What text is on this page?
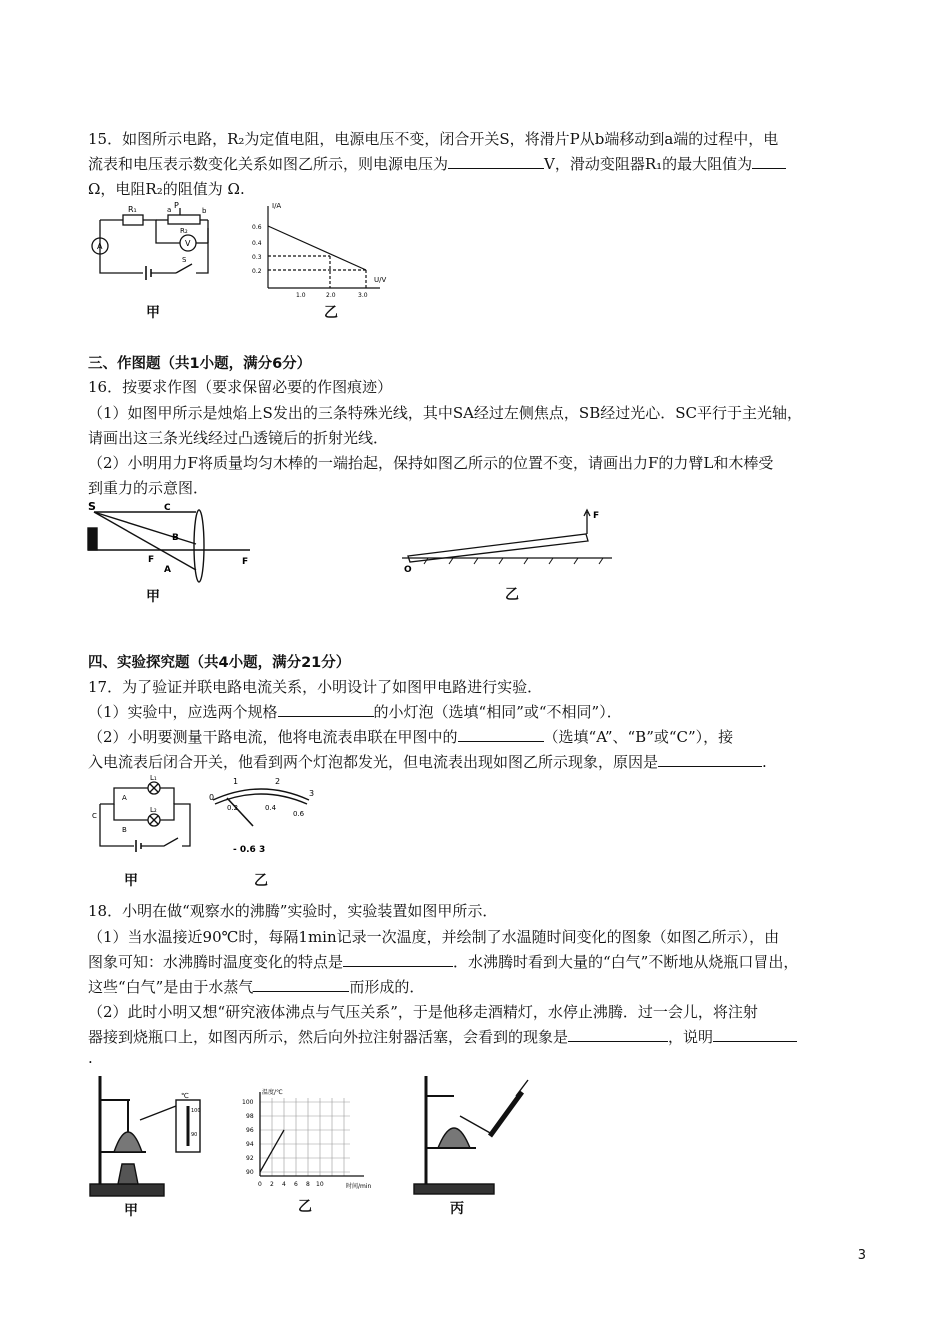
15．如图所示电路，R₂为定值电阻，电源电压不变，闭合开关S，将滑片P从b端移动到a端的过程中，电
流表和电压表示数变化关系如图乙所示，则电源电压为	V，滑动变阻器R₁的最大阻值为
Ω，电阻R₂的阻值为 Ω.
R₁	P
a	b
R₂
S
A	V
甲
I/A
U/V
0.6
0.4
0.3
0.2
1.0	2.0	3.0
乙
三、作图题（共1小题，满分6分）
16．按要求作图（要求保留必要的作图痕迹）
（1）如图甲所示是烛焰上S发出的三条特殊光线，其中SA经过左侧焦点，SB经过光心．SC平行于主光轴，
请画出这三条光线经过凸透镜后的折射光线．
（2）小明用力F将质量均匀木棒的一端抬起，保持如图乙所示的位置不变，请画出力F的力臂L和木棒受
到重力的示意图．
S	C
B
F
A
F
甲
O
F
乙
四、实验探究题（共4小题，满分21分）
17．为了验证并联电路电流关系，小明设计了如图甲电路进行实验．
（1）实验中，应选两个规格	的小灯泡（选填“相同”或“不相同”）．
（2）小明要测量干路电流，他将电流表串联在甲图中的	（选填“A”、“B”或“C”），接
入电流表后闭合开关，他看到两个灯泡都发光，但电流表出现如图乙所示现象，原因是	.
L₁
L₂
A
B
C
甲
1	2
0.2	0.4
0	3
0.6
- 0.6 3
乙
18．小明在做“观察水的沸腾”实验时，实验装置如图甲所示．
（1）当水温接近90℃时，每隔1min记录一次温度，并绘制了水温随时间变化的图象（如图乙所示），由
图象可知：水沸腾时温度变化的特点是	．水沸腾时看到大量的“白气”不断地从烧瓶口冒出，
这些“白气”是由于水蒸气	而形成的．
（2）此时小明又想“研究液体沸点与气压关系”，于是他移走酒精灯，水停止沸腾．过一会儿，将注射
器接到烧瓶口上，如图丙所示，然后向外拉注射器活塞，会看到的现象是	，说明
.
℃
100
90
甲
温度/℃
时间/min
100
98
96
94
92
90
0 2 4 6 8 10
乙	丙
3
